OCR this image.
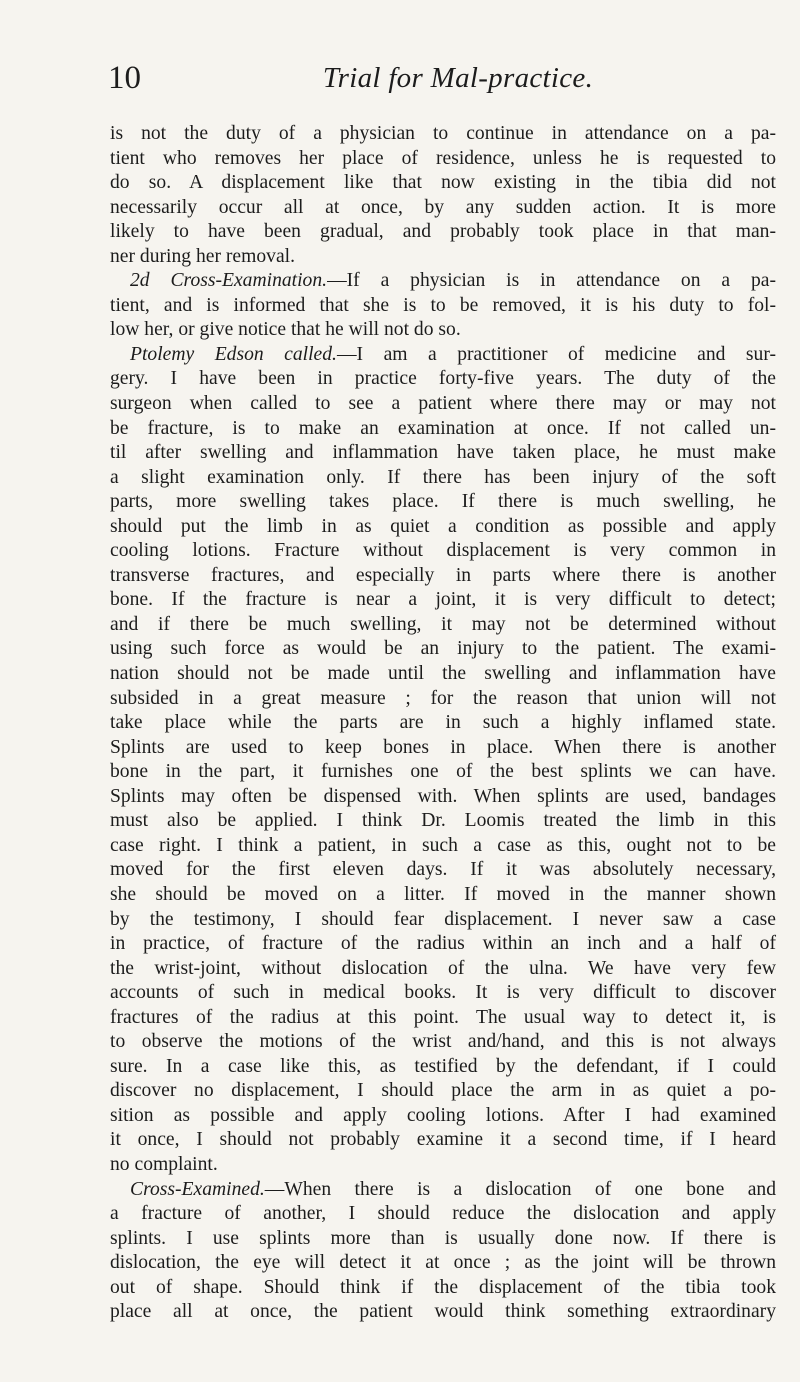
10	Trial for Mal-practice.
is not the duty of a physician to continue in attendance on a pa-
tient who removes her place of residence, unless he is requested to
do so. A displacement like that now existing in the tibia did not
necessarily occur all at once, by any sudden action. It is more
likely to have been gradual, and probably took place in that man-
ner during her removal.
2d Cross-Examination.—If a physician is in attendance on a pa-
tient, and is informed that she is to be removed, it is his duty to fol-
low her, or give notice that he will not do so.
Ptolemy Edson called.—I am a practitioner of medicine and sur-
gery. I have been in practice forty-five years. The duty of the
surgeon when called to see a patient where there may or may not
be fracture, is to make an examination at once. If not called un-
til after swelling and inflammation have taken place, he must make
a slight examination only. If there has been injury of the soft
parts, more swelling takes place. If there is much swelling, he
should put the limb in as quiet a condition as possible and apply
cooling lotions. Fracture without displacement is very common in
transverse fractures, and especially in parts where there is another
bone. If the fracture is near a joint, it is very difficult to detect;
and if there be much swelling, it may not be determined without
using such force as would be an injury to the patient. The exami-
nation should not be made until the swelling and inflammation have
subsided in a great measure ; for the reason that union will not
take place while the parts are in such a highly inflamed state.
Splints are used to keep bones in place. When there is another
bone in the part, it furnishes one of the best splints we can have.
Splints may often be dispensed with. When splints are used, bandages
must also be applied. I think Dr. Loomis treated the limb in this
case right. I think a patient, in such a case as this, ought not to be
moved for the first eleven days. If it was absolutely necessary,
she should be moved on a litter. If moved in the manner shown
by the testimony, I should fear displacement. I never saw a case
in practice, of fracture of the radius within an inch and a half of
the wrist-joint, without dislocation of the ulna. We have very few
accounts of such in medical books. It is very difficult to discover
fractures of the radius at this point. The usual way to detect it, is
to observe the motions of the wrist and/hand, and this is not always
sure. In a case like this, as testified by the defendant, if I could
discover no displacement, I should place the arm in as quiet a po-
sition as possible and apply cooling lotions. After I had examined
it once, I should not probably examine it a second time, if I heard
no complaint.
Cross-Examined.—When there is a dislocation of one bone and
a fracture of another, I should reduce the dislocation and apply
splints. I use splints more than is usually done now. If there is
dislocation, the eye will detect it at once ; as the joint will be thrown
out of shape. Should think if the displacement of the tibia took
place all at once, the patient would think something extraordinary
